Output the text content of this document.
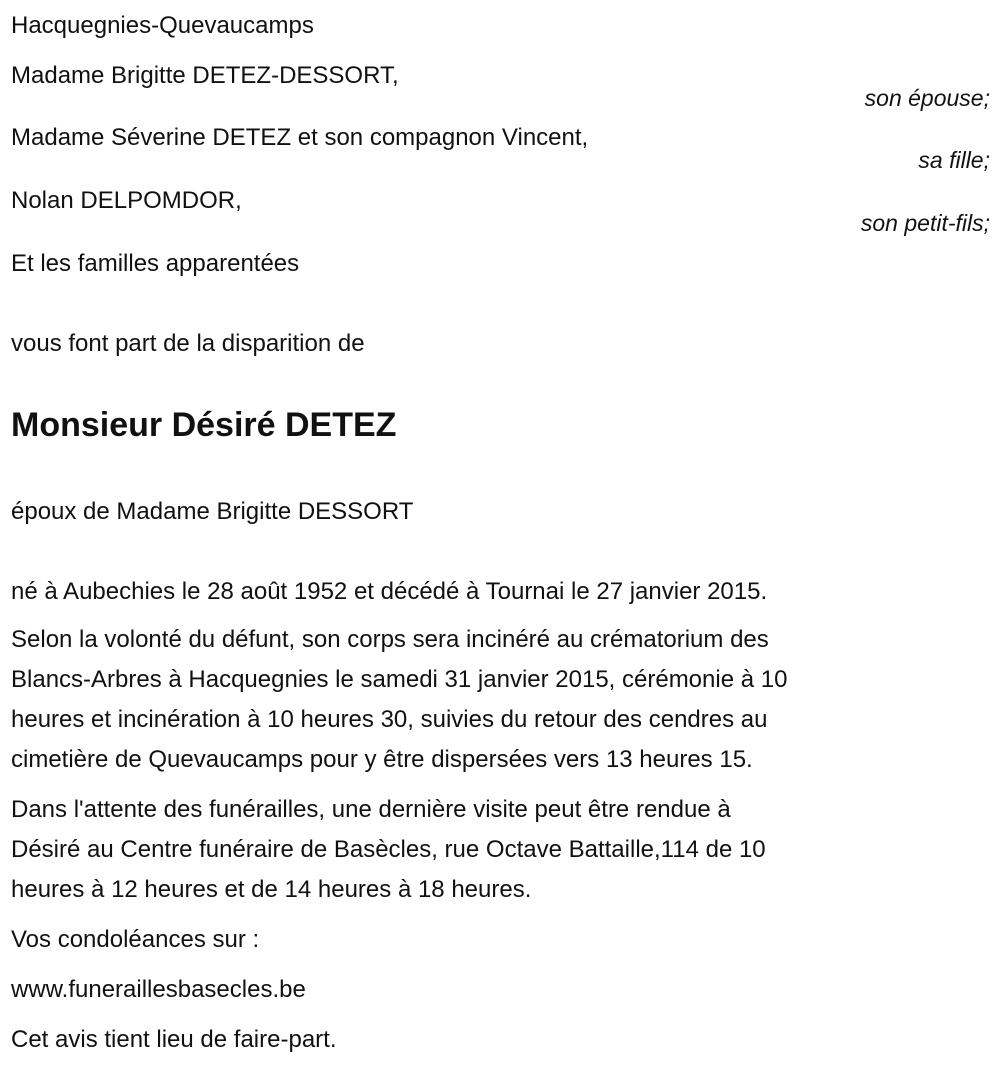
Hacquegnies-Quevaucamps
Madame Brigitte DETEZ-DESSORT,
son épouse;
Madame Séverine DETEZ et son compagnon Vincent,
sa fille;
Nolan DELPOMDOR,
son petit-fils;
Et les familles apparentées
vous font part de la disparition de
Monsieur Désiré DETEZ
époux de Madame Brigitte DESSORT
né à Aubechies le 28 août 1952 et décédé à Tournai le 27 janvier 2015.
Selon la volonté du défunt, son corps sera incinéré au crématorium des
Blancs-Arbres à Hacquegnies le samedi 31 janvier 2015, cérémonie à 10
heures et incinération à 10 heures 30, suivies du retour des cendres au
cimetière de Quevaucamps pour y être dispersées vers 13 heures 15.
Dans l'attente des funérailles, une dernière visite peut être rendue à
Désiré au Centre funéraire de Basècles, rue Octave Battaille,114 de 10
heures à 12 heures et de 14 heures à 18 heures.
Vos condoléances sur :
www.funeraillesbasecles.be
Cet avis tient lieu de faire-part.
